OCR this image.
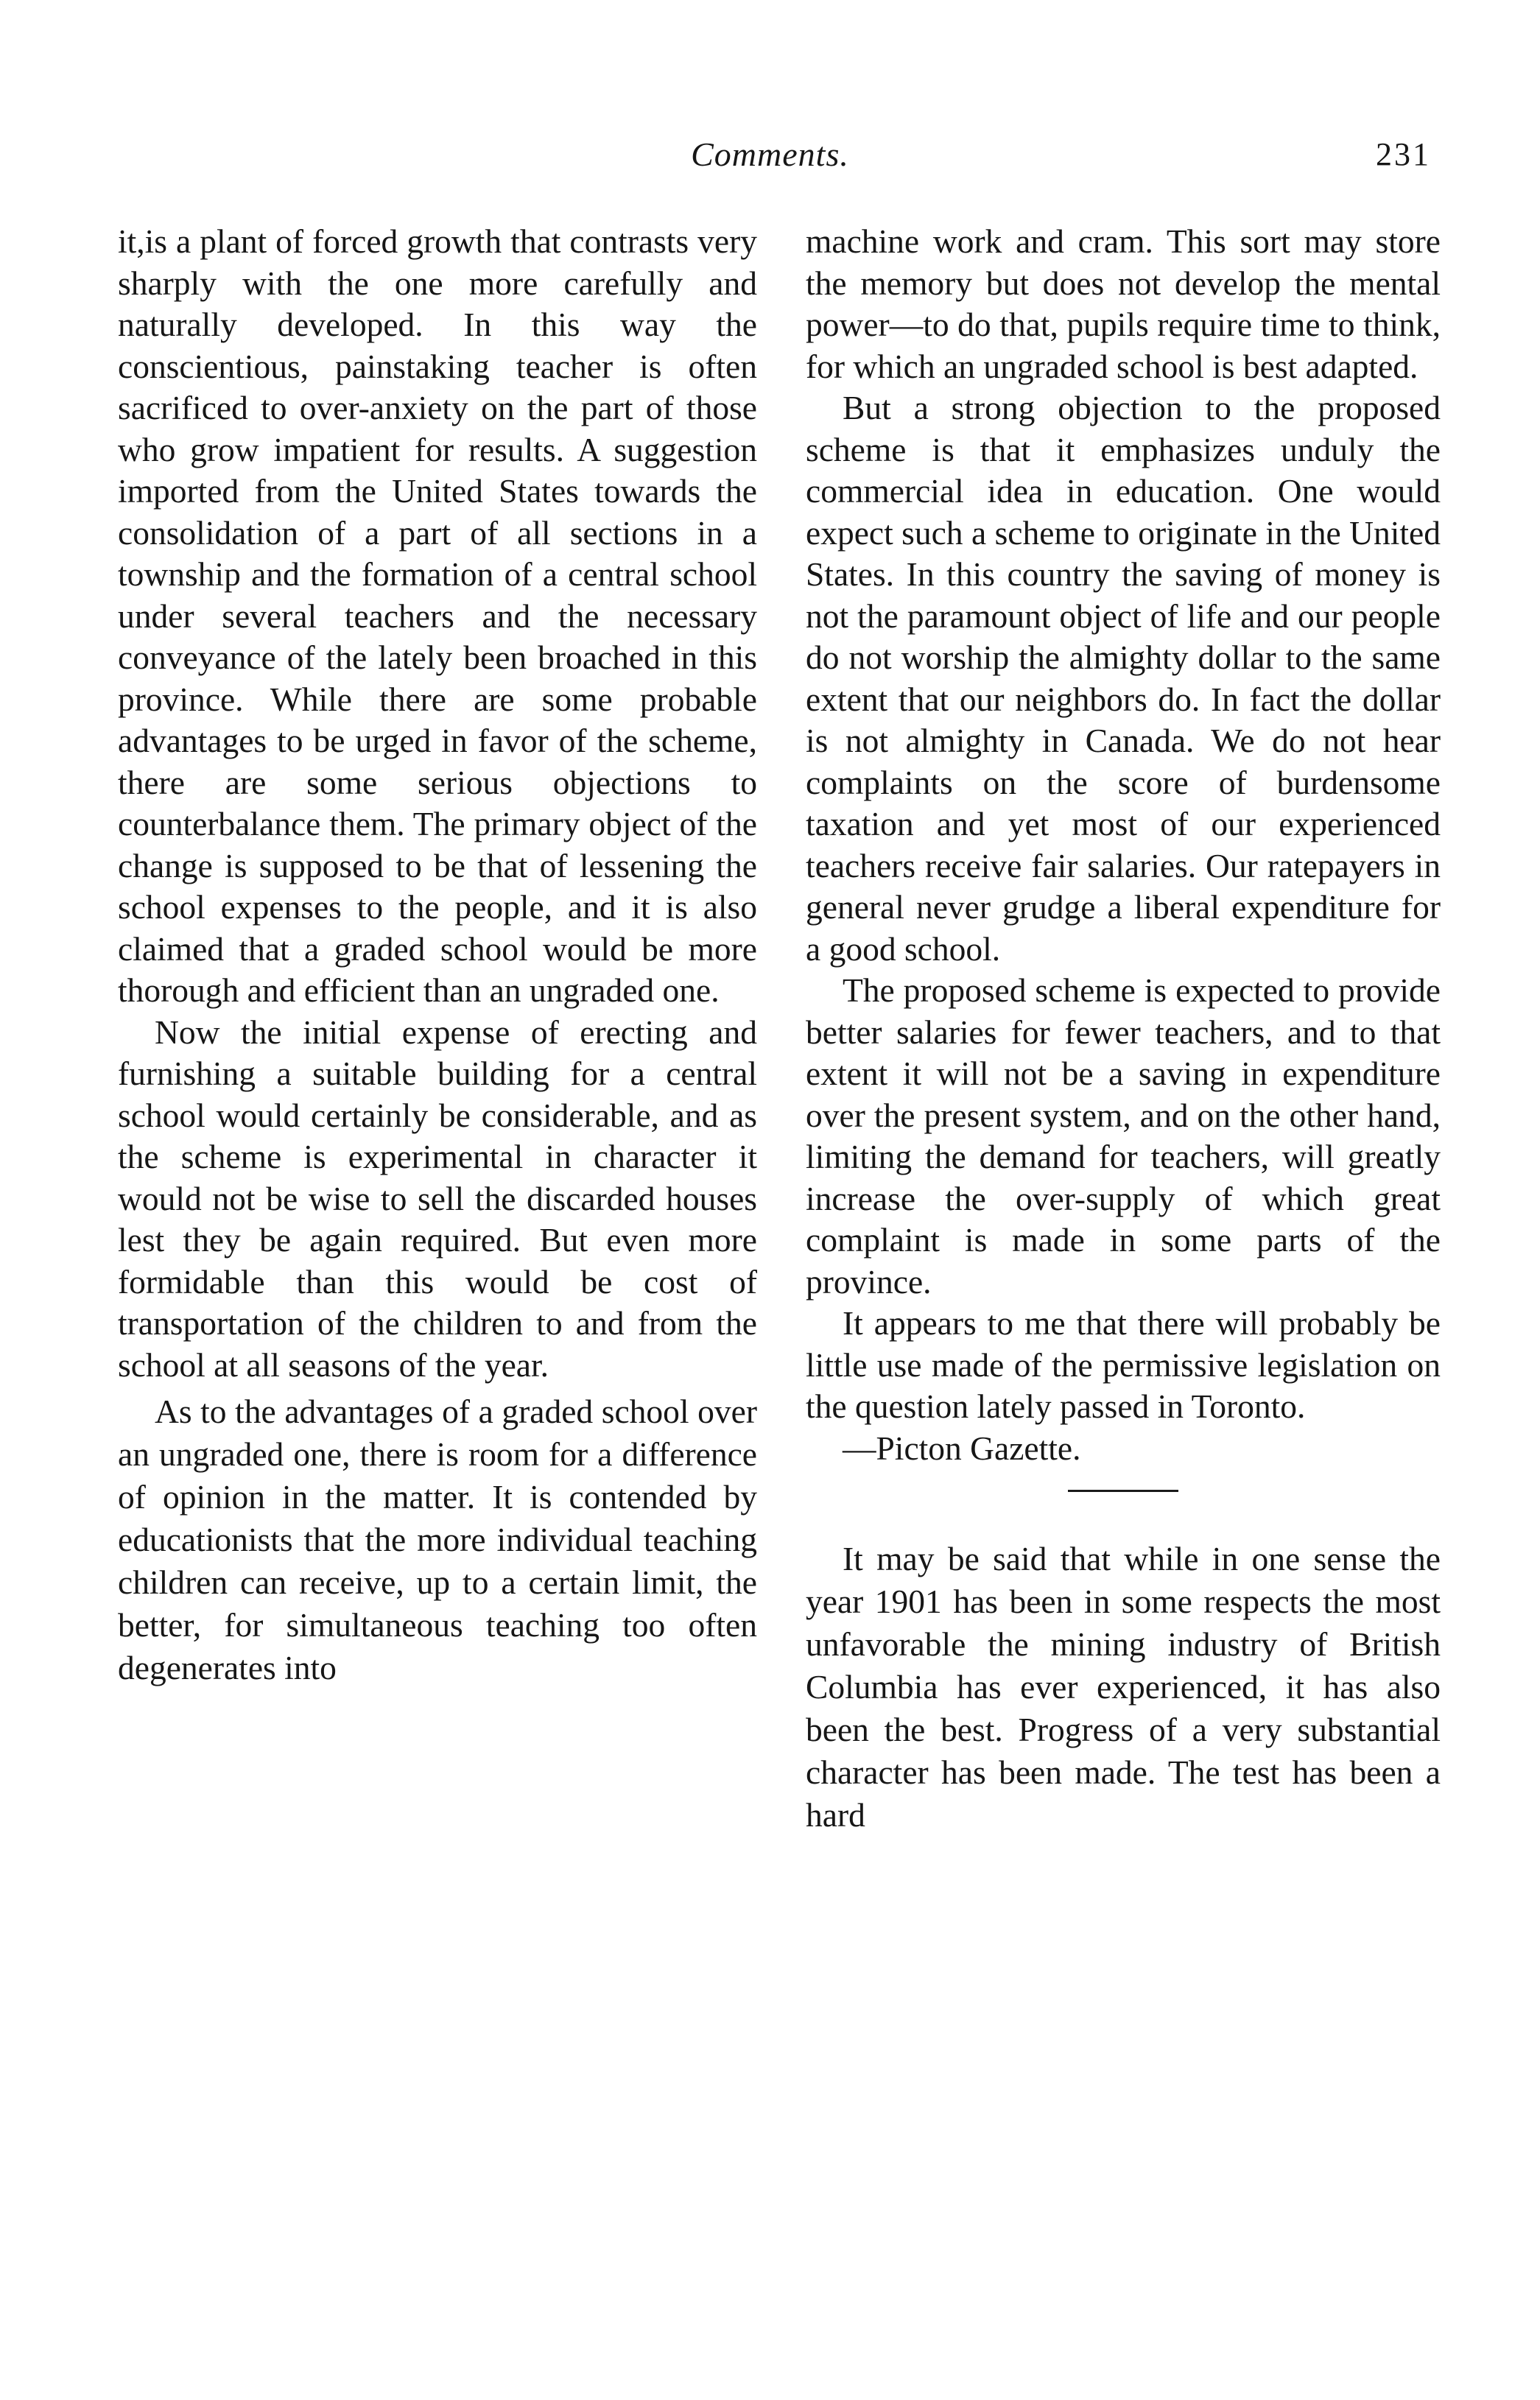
Comments.	231

it,is a plant of forced growth that contrasts very sharply with the one more carefully and naturally developed. In this way the conscientious, painstaking teacher is often sacrificed to over-anxiety on the part of those who grow impatient for results. A suggestion imported from the United States towards the consolidation of a part of all sections in a township and the formation of a central school under several teachers and the necessary conveyance of the lately been broached in this province. While there are some probable advantages to be urged in favor of the scheme, there are some serious objections to counterbalance them. The primary object of the change is supposed to be that of lessening the school expenses to the people, and it is also claimed that a graded school would be more thorough and efficient than an ungraded one.

Now the initial expense of erecting and furnishing a suitable building for a central school would certainly be considerable, and as the scheme is experimental in character it would not be wise to sell the discarded houses lest they be again required. But even more formidable than this would be cost of transportation of the children to and from the school at all seasons of the year.

As to the advantages of a graded school over an ungraded one, there is room for a difference of opinion in the matter. It is contended by educationists that the more individual teaching children can receive, up to a certain limit, the better, for simultaneous teaching too often degenerates into

machine work and cram. This sort may store the memory but does not develop the mental power—to do that, pupils require time to think, for which an ungraded school is best adapted.

But a strong objection to the proposed scheme is that it emphasizes unduly the commercial idea in education. One would expect such a scheme to originate in the United States. In this country the saving of money is not the paramount object of life and our people do not worship the almighty dollar to the same extent that our neighbors do. In fact the dollar is not almighty in Canada. We do not hear complaints on the score of burdensome taxation and yet most of our experienced teachers receive fair salaries. Our ratepayers in general never grudge a liberal expenditure for a good school.

The proposed scheme is expected to provide better salaries for fewer teachers, and to that extent it will not be a saving in expenditure over the present system, and on the other hand, limiting the demand for teachers, will greatly increase the over-supply of which great complaint is made in some parts of the province.

It appears to me that there will probably be little use made of the permissive legislation on the question lately passed in Toronto.

—Picton Gazette.

It may be said that while in one sense the year 1901 has been in some respects the most unfavorable the mining industry of British Columbia has ever experienced, it has also been the best. Progress of a very substantial character has been made. The test has been a hard
